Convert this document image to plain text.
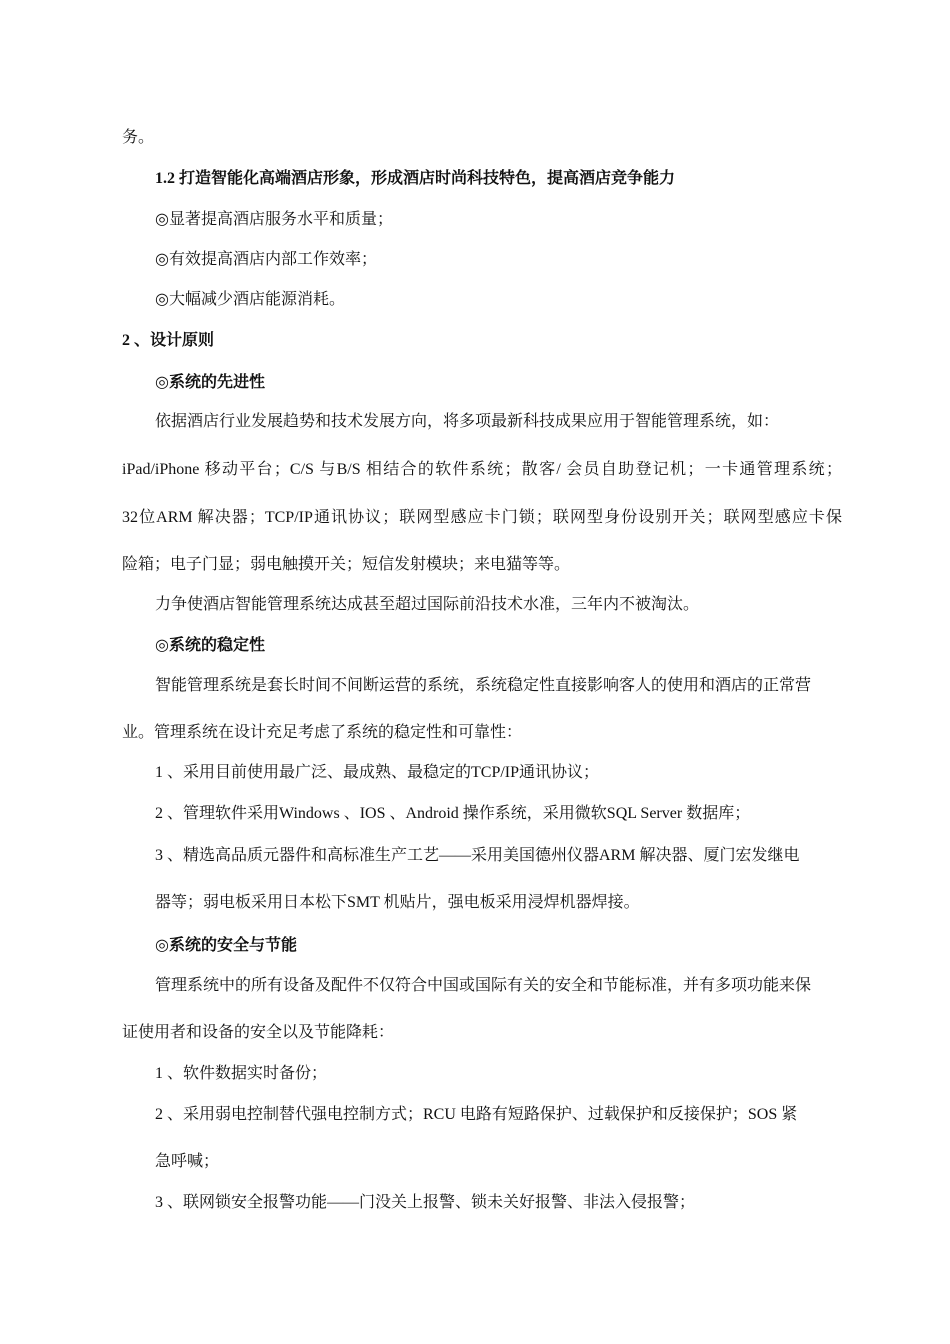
务。
1.2 打造智能化高端酒店形象，形成酒店时尚科技特色，提高酒店竞争能力
◎显著提高酒店服务水平和质量；
◎有效提高酒店内部工作效率；
◎大幅减少酒店能源消耗。
2 、设计原则
◎系统的先进性
依据酒店行业发展趋势和技术发展方向，将多项最新科技成果应用于智能管理系统，如：
iPad/iPhone 移动平台；C/S 与B/S 相结合的软件系统；散客/ 会员自助登记机；一卡通管理系统；
32位ARM 解决器；TCP/IP通讯协议；联网型感应卡门锁；联网型身份设别开关；联网型感应卡保
险箱；电子门显；弱电触摸开关；短信发射模块；来电猫等等。
力争使酒店智能管理系统达成甚至超过国际前沿技术水准，三年内不被淘汰。
◎系统的稳定性
智能管理系统是套长时间不间断运营的系统，系统稳定性直接影响客人的使用和酒店的正常营
业。管理系统在设计充足考虑了系统的稳定性和可靠性：
1 、采用目前使用最广泛、最成熟、最稳定的TCP/IP通讯协议；
2 、管理软件采用Windows 、IOS 、Android 操作系统，采用微软SQL Server 数据库；
3 、精选高品质元器件和高标准生产工艺——采用美国德州仪器ARM 解决器、厦门宏发继电
器等；弱电板采用日本松下SMT 机贴片，强电板采用浸焊机器焊接。
◎系统的安全与节能
管理系统中的所有设备及配件不仅符合中国或国际有关的安全和节能标准，并有多项功能来保
证使用者和设备的安全以及节能降耗：
1 、软件数据实时备份；
2 、采用弱电控制替代强电控制方式；RCU 电路有短路保护、过载保护和反接保护；SOS 紧
急呼喊；
3 、联网锁安全报警功能——门没关上报警、锁未关好报警、非法入侵报警；
